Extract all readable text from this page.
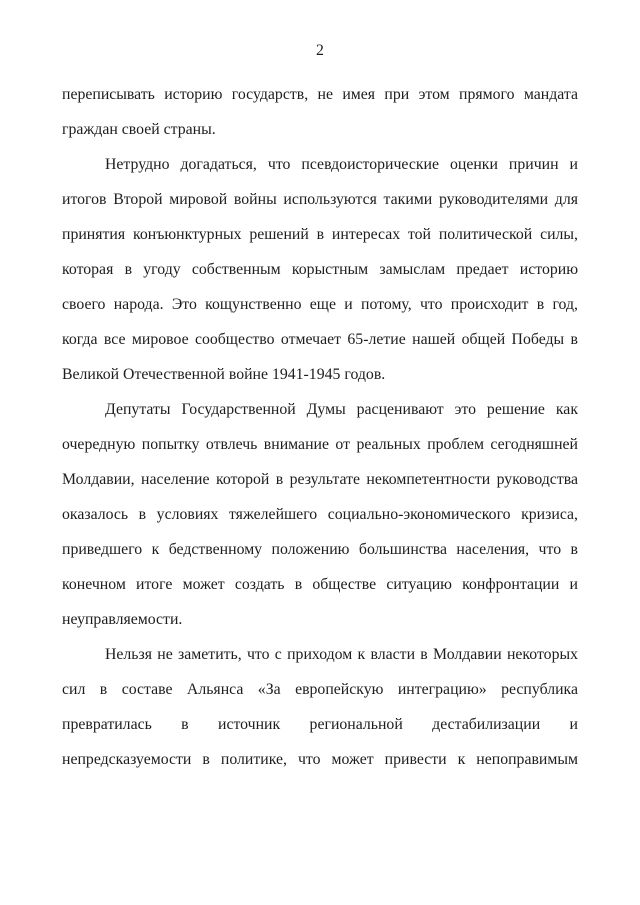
2
переписывать историю государств, не имея при этом прямого мандата
граждан своей страны.
Нетрудно догадаться, что псевдоисторические оценки причин и
итогов Второй мировой войны используются такими руководителями для
принятия конъюнктурных решений в интересах той политической силы,
которая в угоду собственным корыстным замыслам предает историю
своего народа. Это кощунственно еще и потому, что происходит в год,
когда все мировое сообщество отмечает 65-летие нашей общей Победы в
Великой Отечественной войне 1941-1945 годов.
Депутаты Государственной Думы расценивают это решение как
очередную попытку отвлечь внимание от реальных проблем сегодняшней
Молдавии, население которой в результате некомпетентности руководства
оказалось в условиях тяжелейшего социально-экономического кризиса,
приведшего к бедственному положению большинства населения, что в
конечном итоге может создать в обществе ситуацию конфронтации и
неуправляемости.
Нельзя не заметить, что с приходом к власти в Молдавии некоторых
сил в составе Альянса «За европейскую интеграцию» республика
превратилась в источник региональной дестабилизации и
непредсказуемости в политике, что может привести к непоправимым
